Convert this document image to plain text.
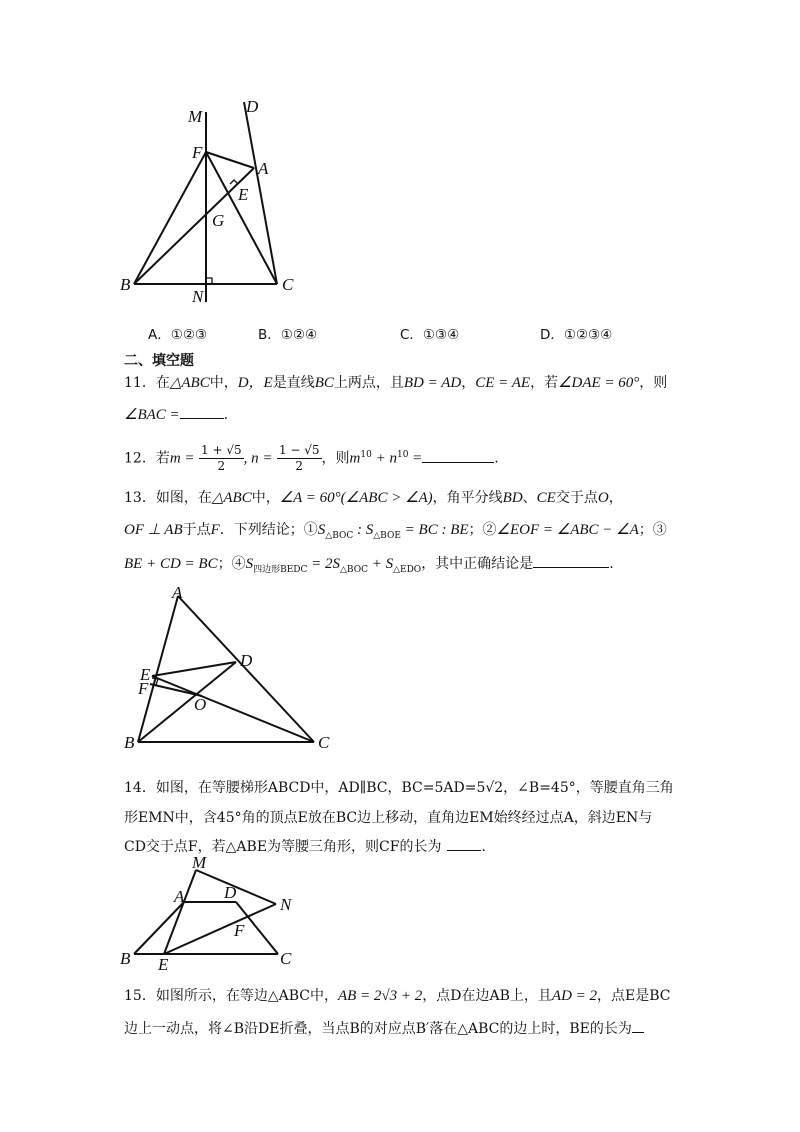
M
D
F
A
E
G
B
N
C
A．①②③	B．①②④	C．①③④	D．①②③④
二、填空题
11．在△ABC中，D，E是直线BC上两点，且BD = AD，CE = AE，若∠DAE = 60°，则
∠BAC =	.
12．若$m = \frac{1 + √5}{2}$ , $n = \frac{1 - √5}{2}$ ，则$m^{10} + n^{10}$ =	.
13．如图，在△ABC中，∠A = 60°(∠ABC > ∠A)，角平分线BD、CE交于点O，
OF ⊥ AB于点F．下列结论；$①S_{\triangle BOC}$ : $S_{\triangle BOE}$ = BC : BE；②∠EOF = ∠ABC − ∠A；③
BE + CD = BC；$④S_{四边形BEDC} = 2S_{\triangle BOC} + S_{\triangle EDO}$，其中正确结论是	.
A
D
E
F
O
B	C
14．如图，在等腰梯形ABCD中，AD∥BC，BC=5AD=5√2，∠B=45°，等腰直角三角
形EMN中，含45°角的顶点E放在BC边上移动，直角边EM始终经过点A，斜边EN与
CD交于点F，若△ABE为等腰三角形，则CF的长为	.
M
A D
N
F
B E	C
15．如图所示，在等边△ABC中，AB = 2√3 + 2，点D在边AB上，且AD = 2，点E是BC
边上一动点，将∠B沿DE折叠，当点B的对应点B′落在△ABC的边上时，BE的长为
